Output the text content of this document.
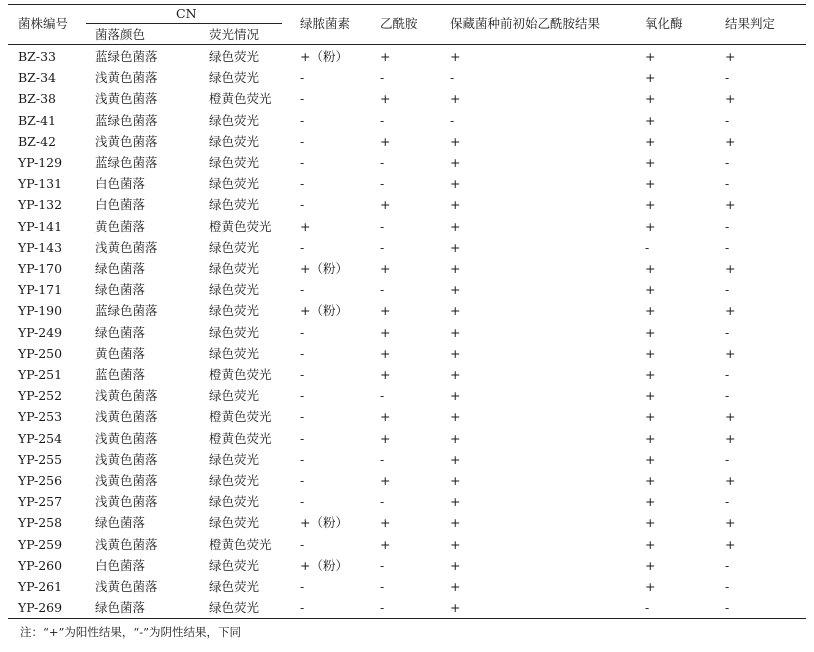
菌株编号
CN
菌落颜色	荧光情况
绿脓菌素 乙酰胺	保藏菌种前初始乙酰胺结果	氧化酶	结果判定
BZ-33	蓝绿色菌落	绿色荧光	+（粉）	+	+	+	+
BZ-34	浅黄色菌落	绿色荧光	-	-	-	+	-
BZ-38	浅黄色菌落	橙黄色荧光 -	+	+	+	+
BZ-41	蓝绿色菌落	绿色荧光	-	-	-	+	-
BZ-42	浅黄色菌落	绿色荧光	-	+	+	+	+
YP-129	蓝绿色菌落	绿色荧光	-	-	+	+	-
YP-131	白色菌落	绿色荧光	-	-	+	+	-
YP-132	白色菌落	绿色荧光	-	+	+	+	+
YP-141	黄色菌落	橙黄色荧光 +	-	+	+	-
YP-143	浅黄色菌落	绿色荧光	-	-	+	-	-
YP-170	绿色菌落	绿色荧光	+（粉）	+	+	+	+
YP-171	绿色菌落	绿色荧光	-	-	+	+	-
YP-190	蓝绿色菌落	绿色荧光	+（粉）	+	+	+	+
YP-249	绿色菌落	绿色荧光	-	+	+	+	-
YP-250	黄色菌落	绿色荧光	-	+	+	+	+
YP-251	蓝色菌落	橙黄色荧光 -	+	+	+	-
YP-252	浅黄色菌落	绿色荧光	-	-	+	+	-
YP-253	浅黄色菌落	橙黄色荧光 -	+	+	+	+
YP-254	浅黄色菌落	橙黄色荧光 -	+	+	+	+
YP-255	浅黄色菌落	绿色荧光	-	-	+	+	-
YP-256	浅黄色菌落	绿色荧光	-	+	+	+	+
YP-257	浅黄色菌落	绿色荧光	-	-	+	+	-
YP-258	绿色菌落	绿色荧光	+（粉）	+	+	+	+
YP-259	浅黄色菌落	橙黄色荧光 -	+	+	+	+
YP-260	白色菌落	绿色荧光	+（粉）	-	+	+	-
YP-261	浅黄色菌落	绿色荧光	-	-	+	+	-
YP-269	绿色菌落	绿色荧光	-	-	+	-	-
注：“+”为阳性结果，“-”为阴性结果，下同
